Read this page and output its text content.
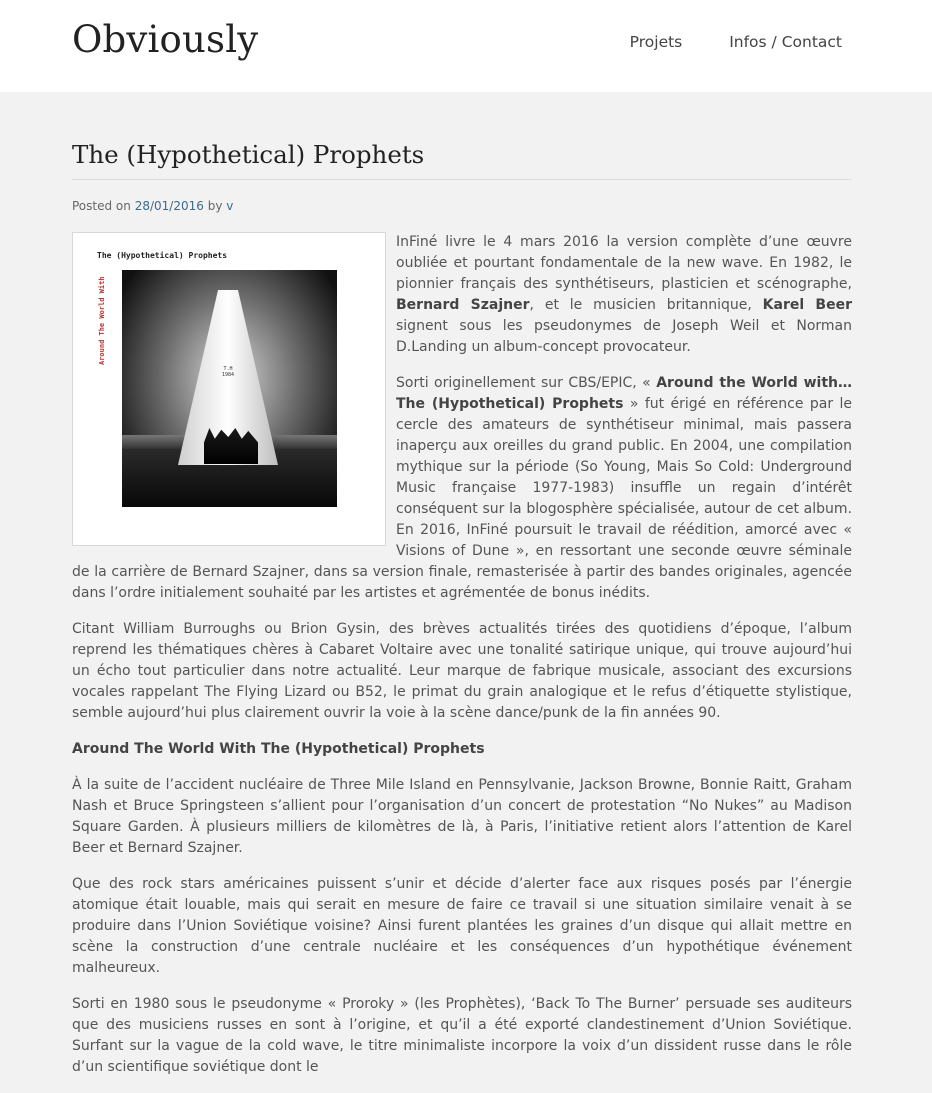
Obviously	Projets	Infos / Contact
The (Hypothetical) Prophets
Posted on 28/01/2016 by v
The (Hypothetical) Prophets
Around The World With
T.H
1984

InFiné livre le 4 mars 2016 la version complète d’une œuvre oubliée et pourtant fondamentale de la new wave. En 1982, le pionnier français des synthétiseurs, plasticien et scénographe, Bernard Szajner, et le musicien britannique, Karel Beer signent sous les pseudonymes de Joseph Weil et Norman D.Landing un album-concept provocateur.

Sorti originellement sur CBS/EPIC, « Around the World with…The (Hypothetical) Prophets » fut érigé en référence par le cercle des amateurs de synthétiseur minimal, mais passera inaperçu aux oreilles du grand public. En 2004, une compilation mythique sur la période (So Young, Mais So Cold: Underground Music française 1977-1983) insuffle un regain d’intérêt conséquent sur la blogosphère spécialisée, autour de cet album. En 2016, InFiné poursuit le travail de réédition, amorcé avec « Visions of Dune », en ressortant une seconde œuvre séminale de la carrière de Bernard Szajner, dans sa version finale, remasterisée à partir des bandes originales, agencée dans l’ordre initialement souhaité par les artistes et agrémentée de bonus inédits.

Citant William Burroughs ou Brion Gysin, des brèves actualités tirées des quotidiens d’époque, l’album reprend les thématiques chères à Cabaret Voltaire avec une tonalité satirique unique, qui trouve aujourd’hui un écho tout particulier dans notre actualité. Leur marque de fabrique musicale, associant des excursions vocales rappelant The Flying Lizard ou B52, le primat du grain analogique et le refus d’étiquette stylistique, semble aujourd’hui plus clairement ouvrir la voie à la scène dance/punk de la fin années 90.

Around The World With The (Hypothetical) Prophets

À la suite de l’accident nucléaire de Three Mile Island en Pennsylvanie, Jackson Browne, Bonnie Raitt, Graham Nash et Bruce Springsteen s’allient pour l’organisation d’un concert de protestation “No Nukes” au Madison Square Garden. À plusieurs milliers de kilomètres de là, à Paris, l’initiative retient alors l’attention de Karel Beer et Bernard Szajner.

Que des rock stars américaines puissent s’unir et décide d’alerter face aux risques posés par l’énergie atomique était louable, mais qui serait en mesure de faire ce travail si une situation similaire venait à se produire dans l’Union Soviétique voisine? Ainsi furent plantées les graines d’un disque qui allait mettre en scène la construction d’une centrale nucléaire et les conséquences d’un hypothétique événement malheureux.

Sorti en 1980 sous le pseudonyme « Proroky » (les Prophètes), ‘Back To The Burner’ persuade ses auditeurs que des musiciens russes en sont à l’origine, et qu’il a été exporté clandestinement d’Union Soviétique. Surfant sur la vague de la cold wave, le titre minimaliste incorpore la voix d’un dissident russe dans le rôle d’un scientifique soviétique dont le
